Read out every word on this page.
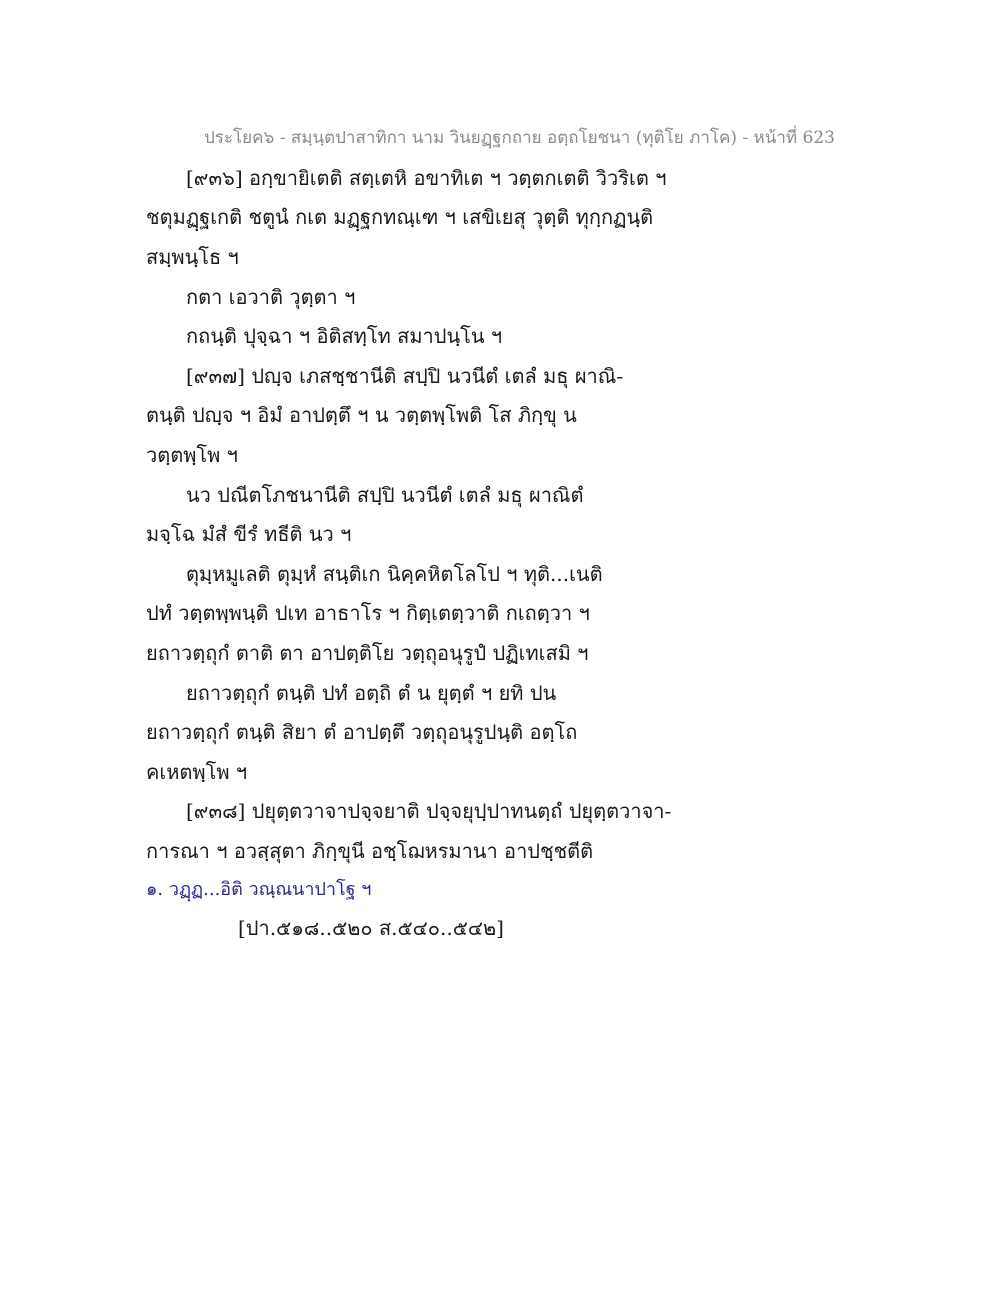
ประโยค๖ - สมฺนฺตปาสาทิกา นาม วินยฏฺฐกถาย อตฺถโยชนา (ทุติโย ภาโค) - หน้าที่ 623
[๙๓๖] อกฺขายิเตติ สตฺเตหิ อขาทิเต ฯ วตฺตกเตติ วิวริเต ฯ
ชตุมฏฺฐเกติ ชตูนํ กเต มฏฺฐกทณฺเฑ ฯ เสขิเยสุ วุตฺติ ทุกฺกฏนฺติ
สมฺพนฺโธ ฯ
กตา เอวาติ วุตฺตา ฯ
กถนฺติ ปุจฺฉา ฯ อิติสทฺโท สมาปนฺโน ฯ
[๙๓๗] ปญฺจ เภสชฺชานีติ สปฺปิ นวนีตํ เตลํ มธุ ผาณิ-
ตนฺติ ปญฺจ ฯ อิมํ อาปตฺตึ ฯ น วตฺตพฺโพติ โส ภิกฺขุ น
วตฺตพฺโพ ฯ
นว ปณีตโภชนานีติ สปฺปิ นวนีตํ เตลํ มธุ ผาณิตํ
มจฺโฉ มํสํ ขีรํ ทธีติ นว ฯ
ตุมฺหมูเลติ ตุมฺหํ สนฺติเก นิคฺคหิตโลโป ฯ ทุติ...เนติ
ปทํ วตฺตพฺพนฺติ ปเท อาธาโร ฯ กิตฺเตตฺวาติ กเถตฺวา ฯ
ยถาวตฺถุกํ ตาติ ตา อาปตฺติโย วตฺถุอนุรูปํ ปฏิเทเสมิ ฯ
ยถาวตฺถุกํ ตนฺติ ปทํ อตฺถิ ตํ น ยุตฺตํ ฯ ยทิ ปน
ยถาวตฺถุกํ ตนฺติ สิยา ตํ อาปตฺตึ วตฺถุอนุรูปนฺติ อตฺโถ
คเหตพฺโพ ฯ
[๙๓๘] ปยุตฺตวาจาปจฺจยาติ ปจฺจยุปฺปาทนตฺถํ ปยุตฺตวาจา-
การณา ฯ อวสฺสุตา ภิกฺขุนี อชฺโฌหรมานา อาปชฺชตีติ
๑. วฏฺฏ...อิติ วณฺณนาปาโฐ ฯ
[ปา.๕๑๘..๕๒๐ ส.๕๔๐..๕๔๒]
